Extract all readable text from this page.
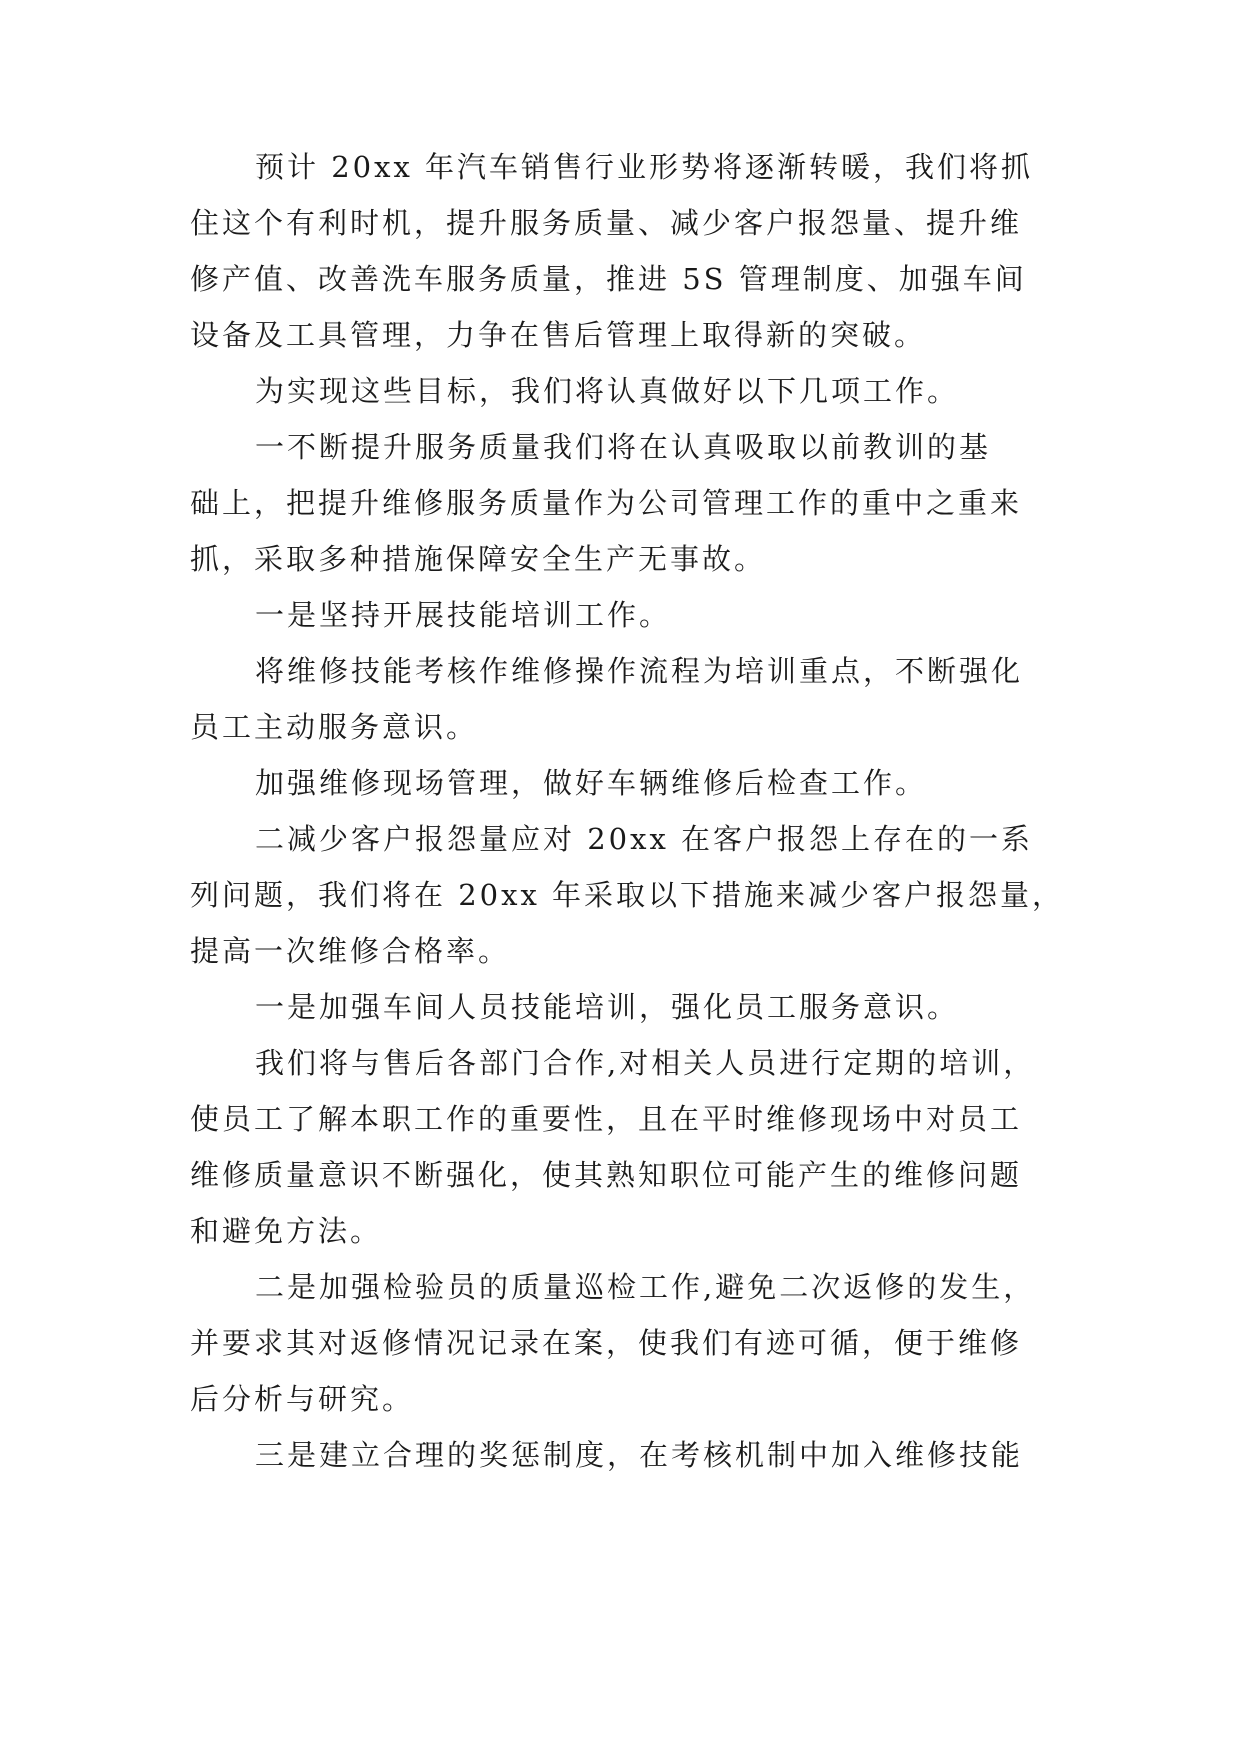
预计 20xx 年汽车销售行业形势将逐渐转暖，我们将抓
住这个有利时机，提升服务质量、减少客户报怨量、提升维
修产值、改善洗车服务质量，推进 5S 管理制度、加强车间
设备及工具管理，力争在售后管理上取得新的突破。
为实现这些目标，我们将认真做好以下几项工作。
一不断提升服务质量我们将在认真吸取以前教训的基
础上，把提升维修服务质量作为公司管理工作的重中之重来
抓，采取多种措施保障安全生产无事故。
一是坚持开展技能培训工作。
将维修技能考核作维修操作流程为培训重点，不断强化
员工主动服务意识。
加强维修现场管理，做好车辆维修后检查工作。
二减少客户报怨量应对 20xx 在客户报怨上存在的一系
列问题，我们将在 20xx 年采取以下措施来减少客户报怨量，
提高一次维修合格率。
一是加强车间人员技能培训，强化员工服务意识。
我们将与售后各部门合作,对相关人员进行定期的培训，
使员工了解本职工作的重要性，且在平时维修现场中对员工
维修质量意识不断强化，使其熟知职位可能产生的维修问题
和避免方法。
二是加强检验员的质量巡检工作,避免二次返修的发生，
并要求其对返修情况记录在案，使我们有迹可循，便于维修
后分析与研究。
三是建立合理的奖惩制度，在考核机制中加入维修技能
